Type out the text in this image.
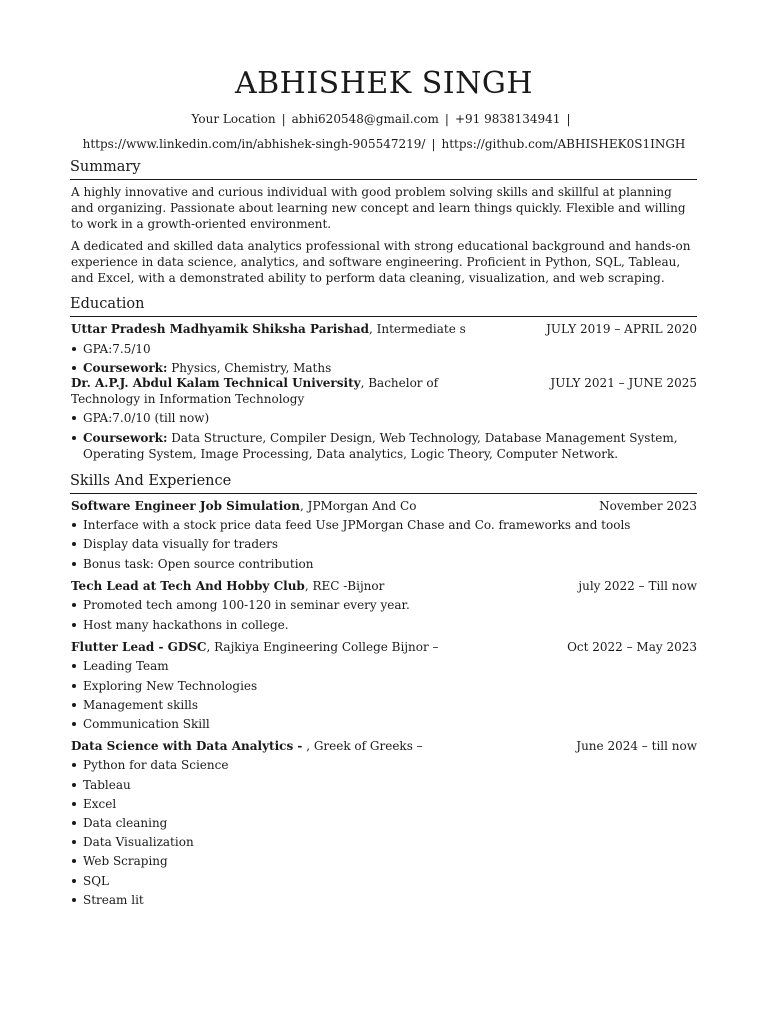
ABHISHEK SINGH
Your Location | abhi620548@gmail.com | +91 9838134941 |
https://www.linkedin.com/in/abhishek-singh-905547219/ | https://github.com/ABHISHEK0S1INGH
Summary
A highly innovative and curious individual with good problem solving skills and skillful at planning and organizing. Passionate about learning new concept and learn things quickly. Flexible and willing to work in a growth-oriented environment.
A dedicated and skilled data analytics professional with strong educational background and hands-on experience in data science, analytics, and software engineering. Proficient in Python, SQL, Tableau, and Excel, with a demonstrated ability to perform data cleaning, visualization, and web scraping.
Education
Uttar Pradesh Madhyamik Shiksha Parishad, Intermediate s	JULY 2019 – APRIL 2020
GPA:7.5/10
Coursework: Physics, Chemistry, Maths
Dr. A.P.J. Abdul Kalam Technical University, Bachelor of Technology in Information Technology
JULY 2021 – JUNE 2025
GPA:7.0/10 (till now)
Coursework: Data Structure, Compiler Design, Web Technology, Database Management System, Operating System, Image Processing, Data analytics, Logic Theory, Computer Network.
Skills And Experience
Software Engineer Job Simulation, JPMorgan And Co	November 2023
Interface with a stock price data feed Use JPMorgan Chase and Co. frameworks and tools
Display data visually for traders
Bonus task: Open source contribution
Tech Lead at Tech And Hobby Club, REC -Bijnor	july 2022 – Till now
Promoted tech among 100-120 in seminar every year.
Host many hackathons in college.
Flutter Lead - GDSC, Rajkiya Engineering College Bijnor –	Oct 2022 – May 2023
Leading Team
Exploring New Technologies
Management skills
Communication Skill
Data Science with Data Analytics - , Greek of Greeks –	June 2024 – till now
Python for data Science
Tableau
Excel
Data cleaning
Data Visualization
Web Scraping
SQL
Stream lit
